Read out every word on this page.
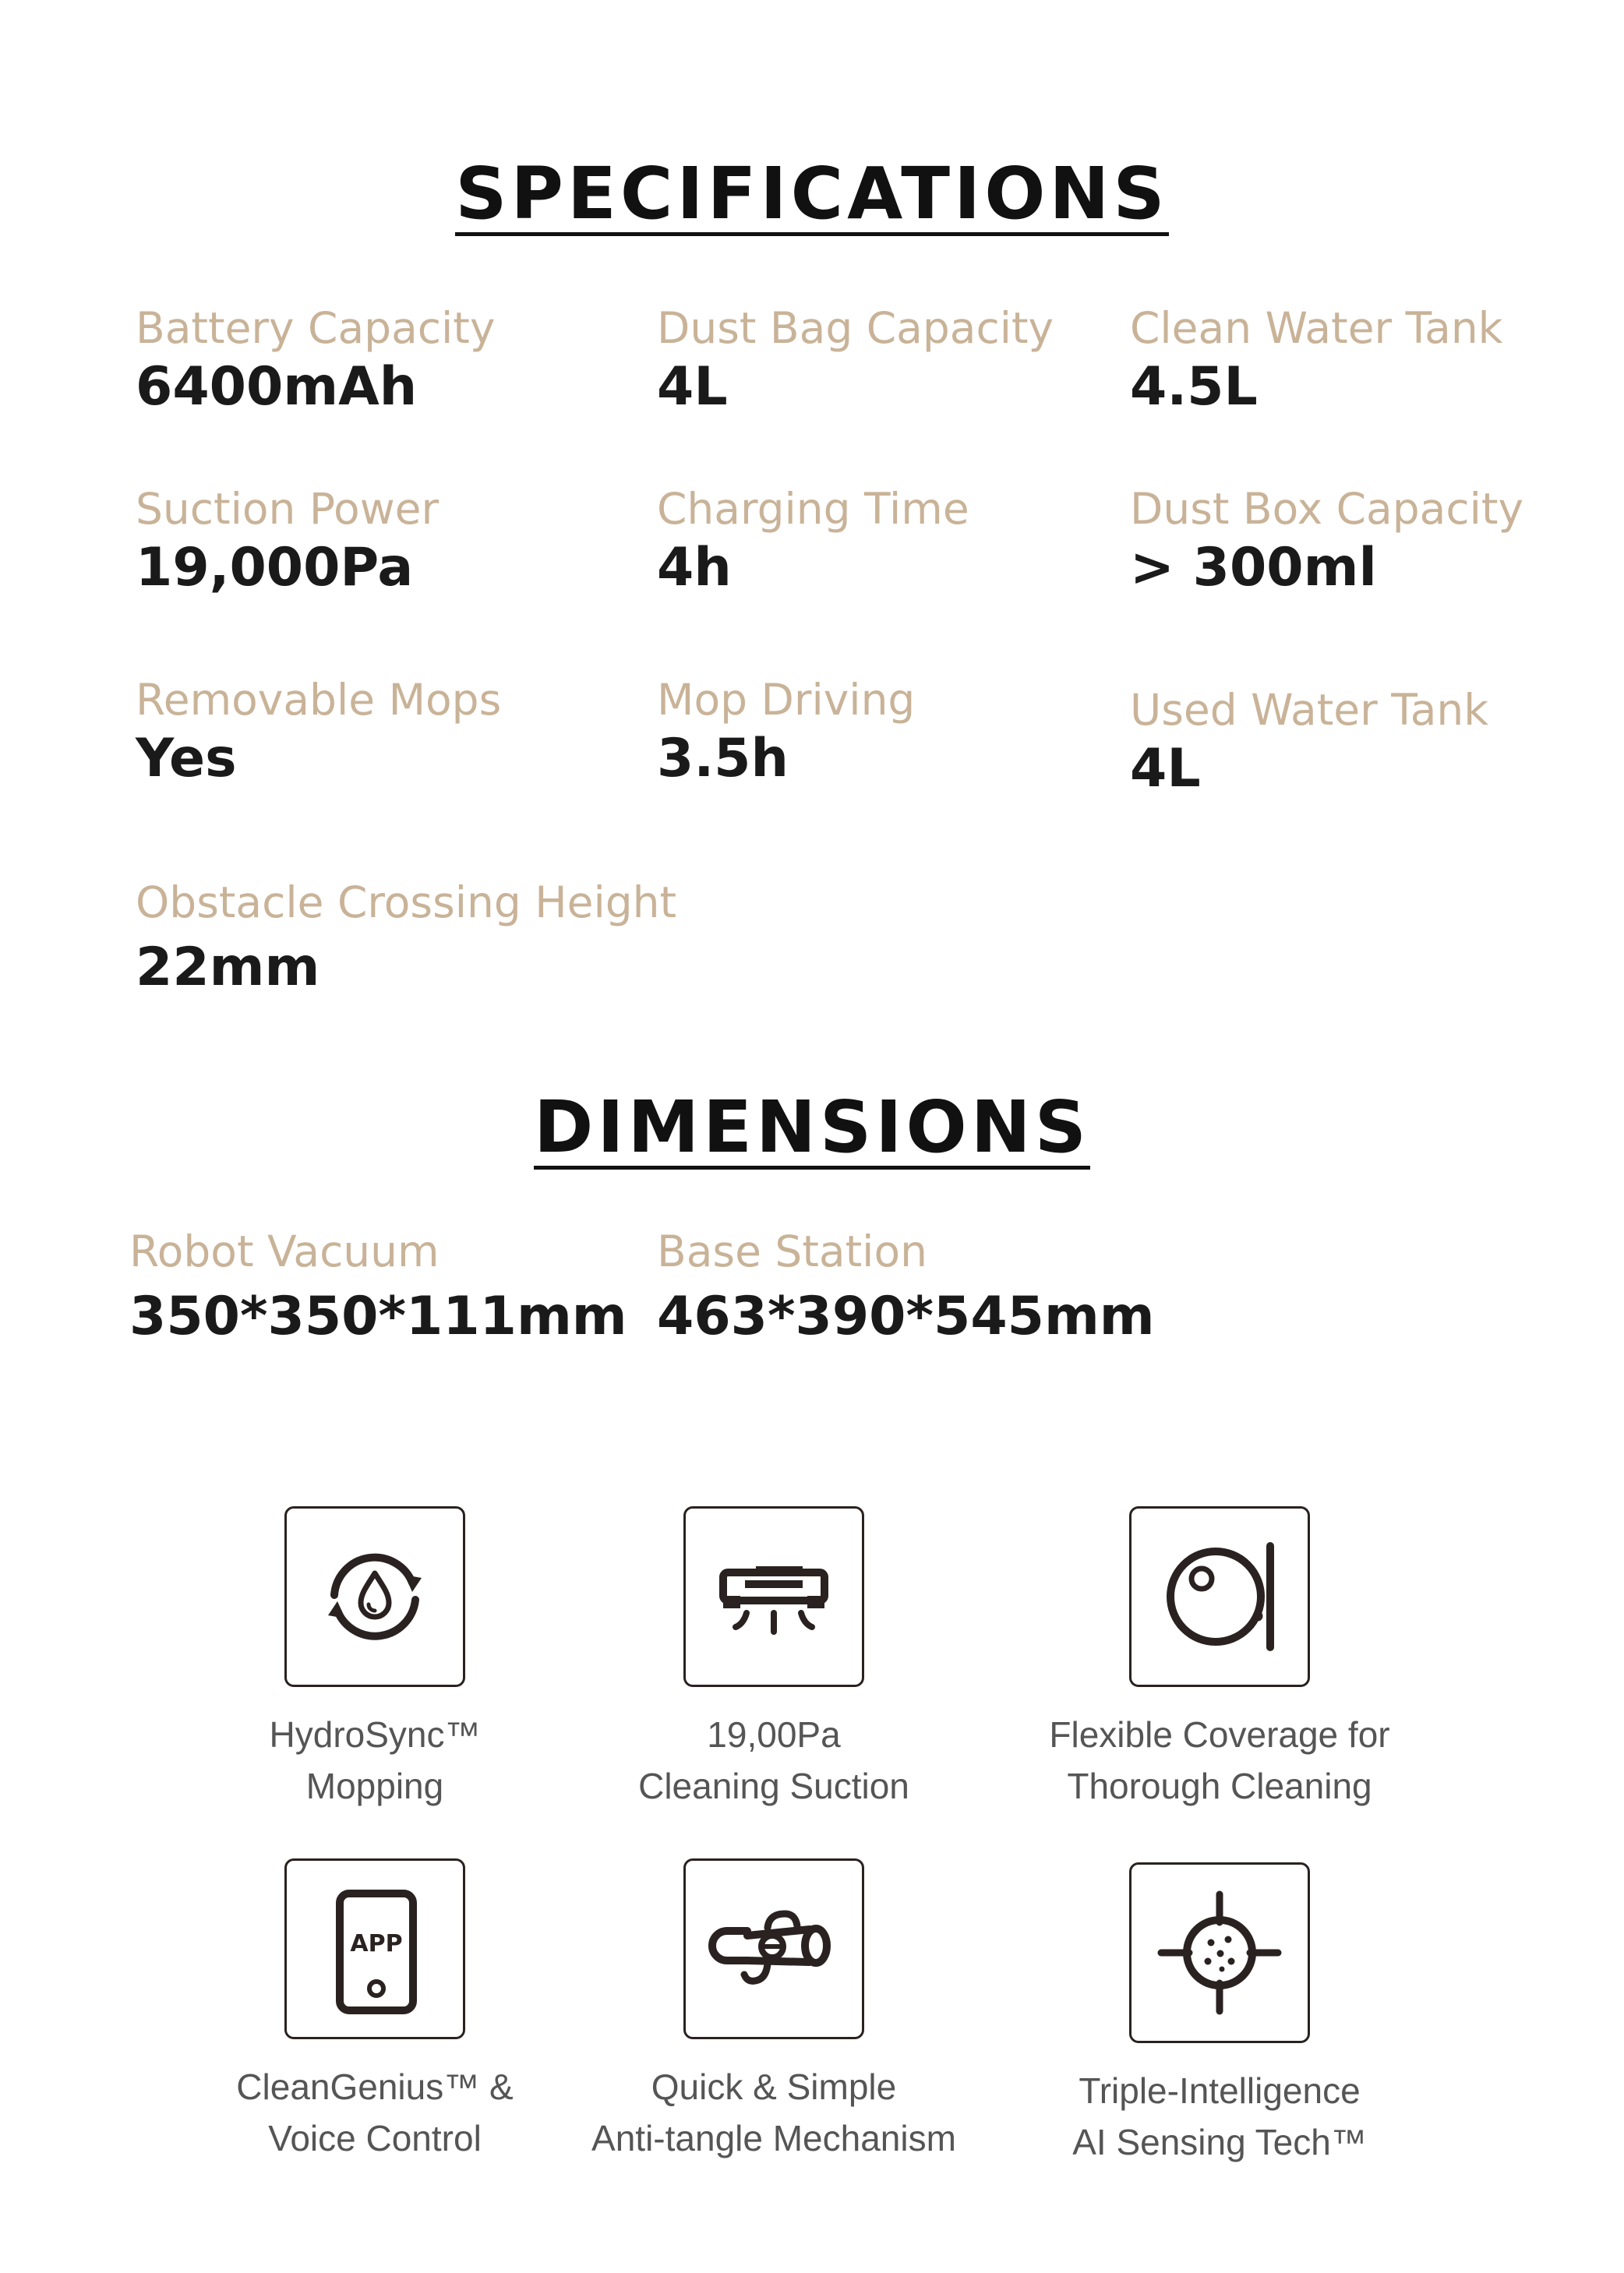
SPECIFICATIONS
Battery Capacity
6400mAh
Dust Bag Capacity
4L
Clean Water Tank
4.5L
Suction Power
19,000Pa
Charging Time
4h
Dust Box Capacity
> 300ml
Removable Mops
Yes
Mop Driving
3.5h
Used Water Tank
4L
Obstacle Crossing Height
22mm
DIMENSIONS
Robot Vacuum
350*350*111mm
Base Station
463*390*545mm
HydroSync™
Mopping
19,00Pa
Cleaning Suction
Flexible Coverage for
Thorough Cleaning
APP
CleanGenius™ &
Voice Control
Quick & Simple
Anti-tangle Mechanism
Triple-Intelligence
AI Sensing Tech™
